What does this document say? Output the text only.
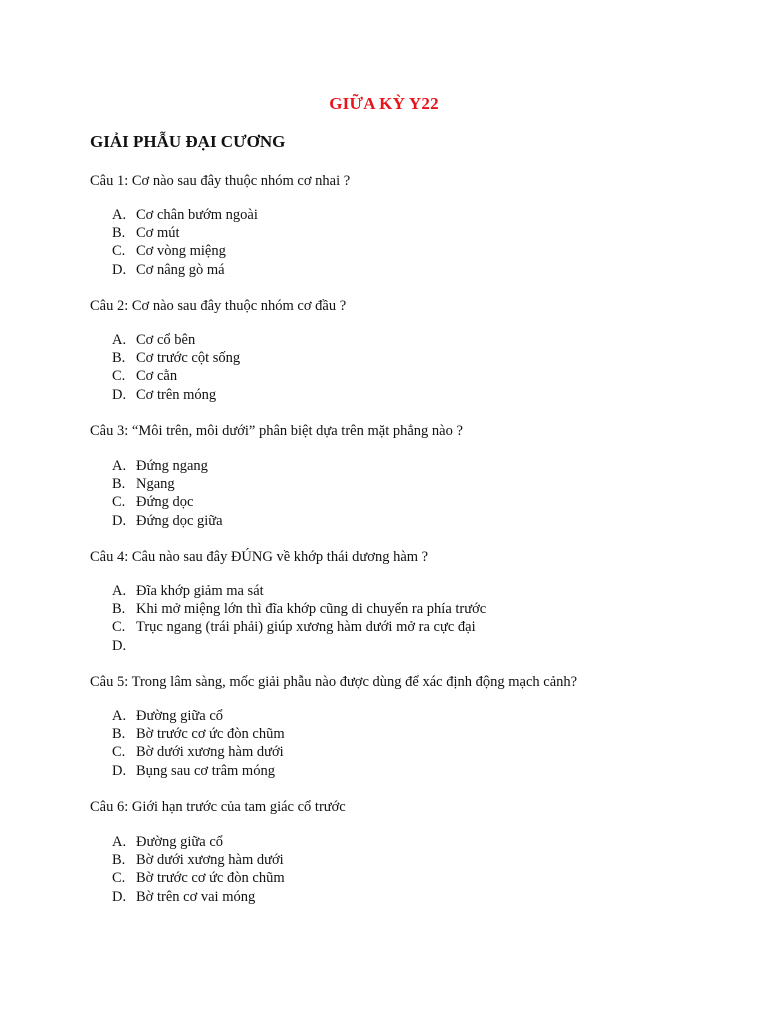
GIỮA KỲ Y22
GIẢI PHẪU ĐẠI CƯƠNG
Câu 1: Cơ nào sau đây thuộc nhóm cơ nhai ?
A. Cơ chân bướm ngoài
B. Cơ mút
C. Cơ vòng miệng
D. Cơ nâng gò má
Câu 2: Cơ nào sau đây thuộc nhóm cơ đầu ?
A. Cơ cổ bên
B. Cơ trước cột sống
C. Cơ cằn
D. Cơ trên móng
Câu 3: “Môi trên, môi dưới” phân biệt dựa trên mặt phẳng nào ?
A. Đứng ngang
B. Ngang
C. Đứng dọc
D. Đứng dọc giữa
Câu 4: Câu nào sau đây ĐÚNG về khớp thái dương hàm ?
A. Đĩa khớp giảm ma sát
B. Khi mở miệng lớn thì đĩa khớp cũng di chuyển ra phía trước
C. Trục ngang (trái phải) giúp xương hàm dưới mở ra cực đại
D.
Câu 5: Trong lâm sàng, mốc giải phẫu nào được dùng để xác định động mạch cảnh?
A. Đường giữa cổ
B. Bờ trước cơ ức đòn chũm
C. Bờ dưới xương hàm dưới
D. Bụng sau cơ trâm móng
Câu 6: Giới hạn trước của tam giác cổ trước
A. Đường giữa cổ
B. Bờ dưới xương hàm dưới
C. Bờ trước cơ ức đòn chũm
D. Bờ trên cơ vai móng
